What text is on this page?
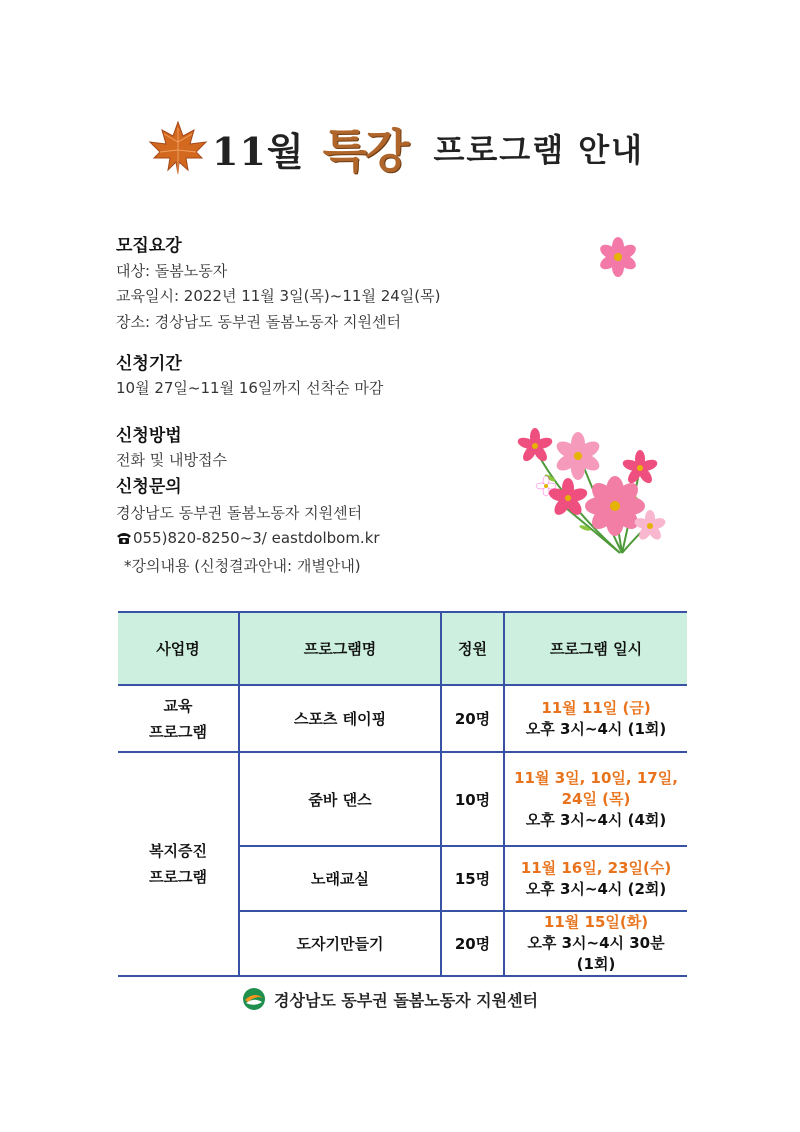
11월 특강 프로그램 안내
모집요강
대상: 돌봄노동자
교육일시: 2022년 11월 3일(목)~11월 24일(목)
장소: 경상남도 동부권 돌봄노동자 지원센터
신청기간
10월 27일~11월 16일까지 선착순 마감
신청방법
전화 및 내방접수
신청문의
경상남도 동부권 돌봄노동자 지원센터
055)820-8250~3/ eastdolbom.kr
*강의내용 (신청결과안내: 개별안내)
사업명	프로그램명	정원	프로그램 일시

교육
프로그램	스포츠 테이핑	20명	11월 11일 (금)
오후 3시~4시 (1회)

복지증진
프로그램	줌바 댄스	10명	11월 3일, 10일, 17일,
24일 (목)
오후 3시~4시 (4회)

	노래교실	15명	11월 16일, 23일(수)
오후 3시~4시 (2회)

	도자기만들기	20명	11월 15일(화)
오후 3시~4시 30분
(1회)
경상남도 동부권 돌봄노동자 지원센터
